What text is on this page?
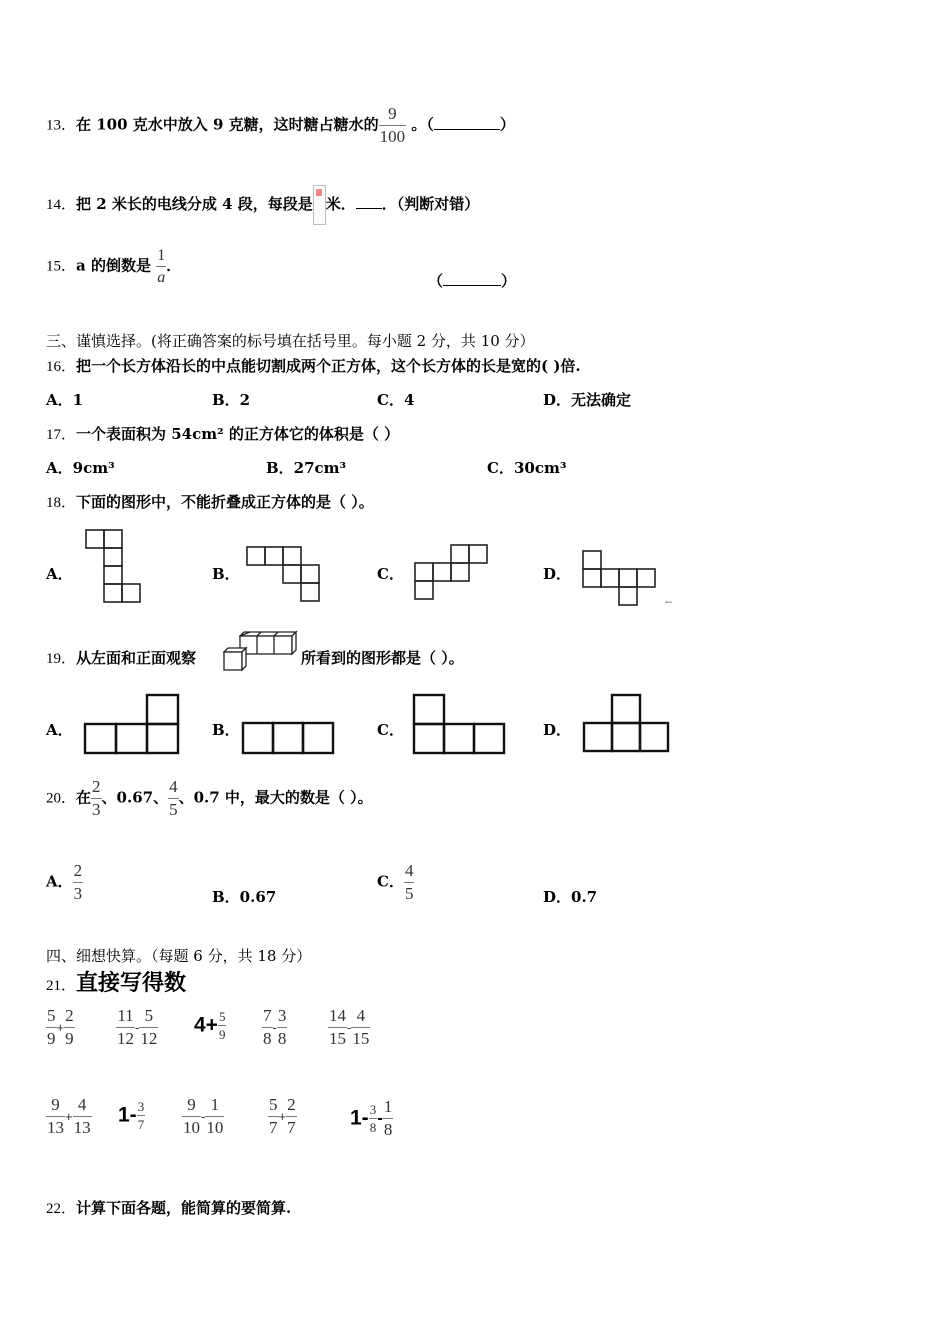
13．在 100 克水中放入 9 克糖，这时糖占糖水的 $\frac{9}{100}$ 。（	）
14．把 2 米长的电线分成 4 段，每段是 米． ．（判断对错）
15．a 的倒数是 $\frac{1}{a}$ ．
（	）
三、谨慎选择。(将正确答案的标号填在括号里。每小题 2 分，共 10 分）
16．把一个长方体沿长的中点能切割成两个正方体，这个长方体的长是宽的( )倍.
A．1	B．2	C．4	D．无法确定
17．一个表面积为 54cm² 的正方体它的体积是（ ）
A．9cm³	B．27cm³	C．30cm³
18．下面的图形中，不能折叠成正方体的是（ ）。
A．	B．	C．	D．
←
19．从左面和正面观察	所看到的图形都是（ ）。
A．	B．	C．	D．
20．在 $\frac{2}{3}$ 、0.67、 $\frac{4}{5}$ 、0.7 中，最大的数是（ ）。
A． $\frac{2}{3}$	B．0.67
C． $\frac{4}{5}$	D．0.7
四、细想快算。（每题 6 分，共 18 分）
21．直接写得数
$\frac{5}{9} + \frac{2}{9} \frac{11}{12} - \frac{5}{12} 4+ \frac{5}{9} \frac{7}{8} - \frac{3}{8} \frac{14}{15} - \frac{4}{15}$
$\frac{9}{13} + \frac{4}{13} 1- \frac{3}{7} \frac{9}{10} - \frac{1}{10}$	$\frac{5}{7} + \frac{2}{7}$	$1- \frac{3}{8} - \frac{1}{8}$
22．计算下面各题，能简算的要简算.
